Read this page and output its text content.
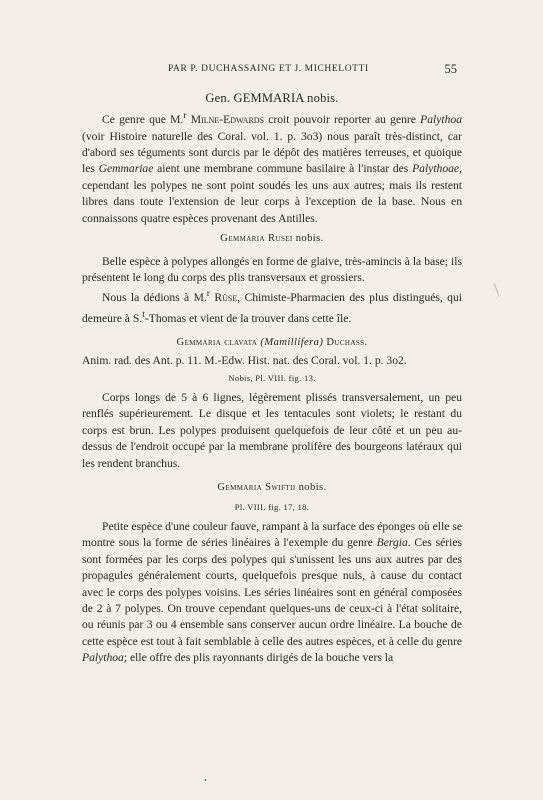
PAR P. DUCHASSAING ET J. MICHELOTTI	55
Gen. GEMMARIA nobis.

Ce genre que M.$^r$ Milne-Edwards croit pouvoir reporter au genre Palythoa (voir Histoire naturelle des Coral. vol. 1. p. 3o3) nous paraît très-distinct, car d'abord ses téguments sont durcis par le dépôt des matières terreuses, et quoique les Gemmariae aient une membrane commune basilaire à l'instar des Palythoae, cependant les polypes ne sont point soudés les uns aux autres; mais ils restent libres dans toute l'extension de leur corps à l'exception de la base. Nous en connaissons quatre espèces provenant des Antilles.

Gemmaria Rusei nobis.

Belle espèce à polypes allongés en forme de glaive, très-amincis à la base; ils présentent le long du corps des plis transversaux et grossiers.

Nous la dédions à M.$^r$ Rüse, Chimiste-Pharmacien des plus distingués, qui demeure à S.$^t$-Thomas et vient de la trouver dans cette île.

Gemmaria clavata (Mamillifera) Duchass.

Anim. rad. des Ant. p. 11. M.-Edw. Hist. nat. des Coral. vol. 1. p. 3o2.

Nobis, Pl. VIII. fig. 13.

Corps longs de 5 à 6 lignes, légèrement plissés transversalement, un peu renflés supérieurement. Le disque et les tentacules sont violets; le restant du corps est brun. Les polypes produisent quelquefois de leur côté et un peu au-dessus de l'endroit occupé par la membrane prolifère des bourgeons latéraux qui les rendent branchus.

Gemmaria Swiftii nobis.
Pl. VIII. fig. 17, 18.

Petite espèce d'une couleur fauve, rampant à la surface des éponges où elle se montre sous la forme de séries linéaires à l'exemple du genre Bergia. Ces séries sont formées par les corps des polypes qui s'unissent les uns aux autres par des propagules généralement courts, quelquefois presque nuls, à cause du contact avec le corps des polypes voisins. Les séries linéaires sont en général composées de 2 à 7 polypes. On trouve cependant quelques-uns de ceux-ci à l'état solitaire, ou réunis par 3 ou 4 ensemble sans conserver aucun ordre linéaire. La bouche de cette espèce est tout à fait semblable à celle des autres espèces, et à celle du genre Palythoa; elle offre des plis rayonnants dirigés de la bouche vers la

•
